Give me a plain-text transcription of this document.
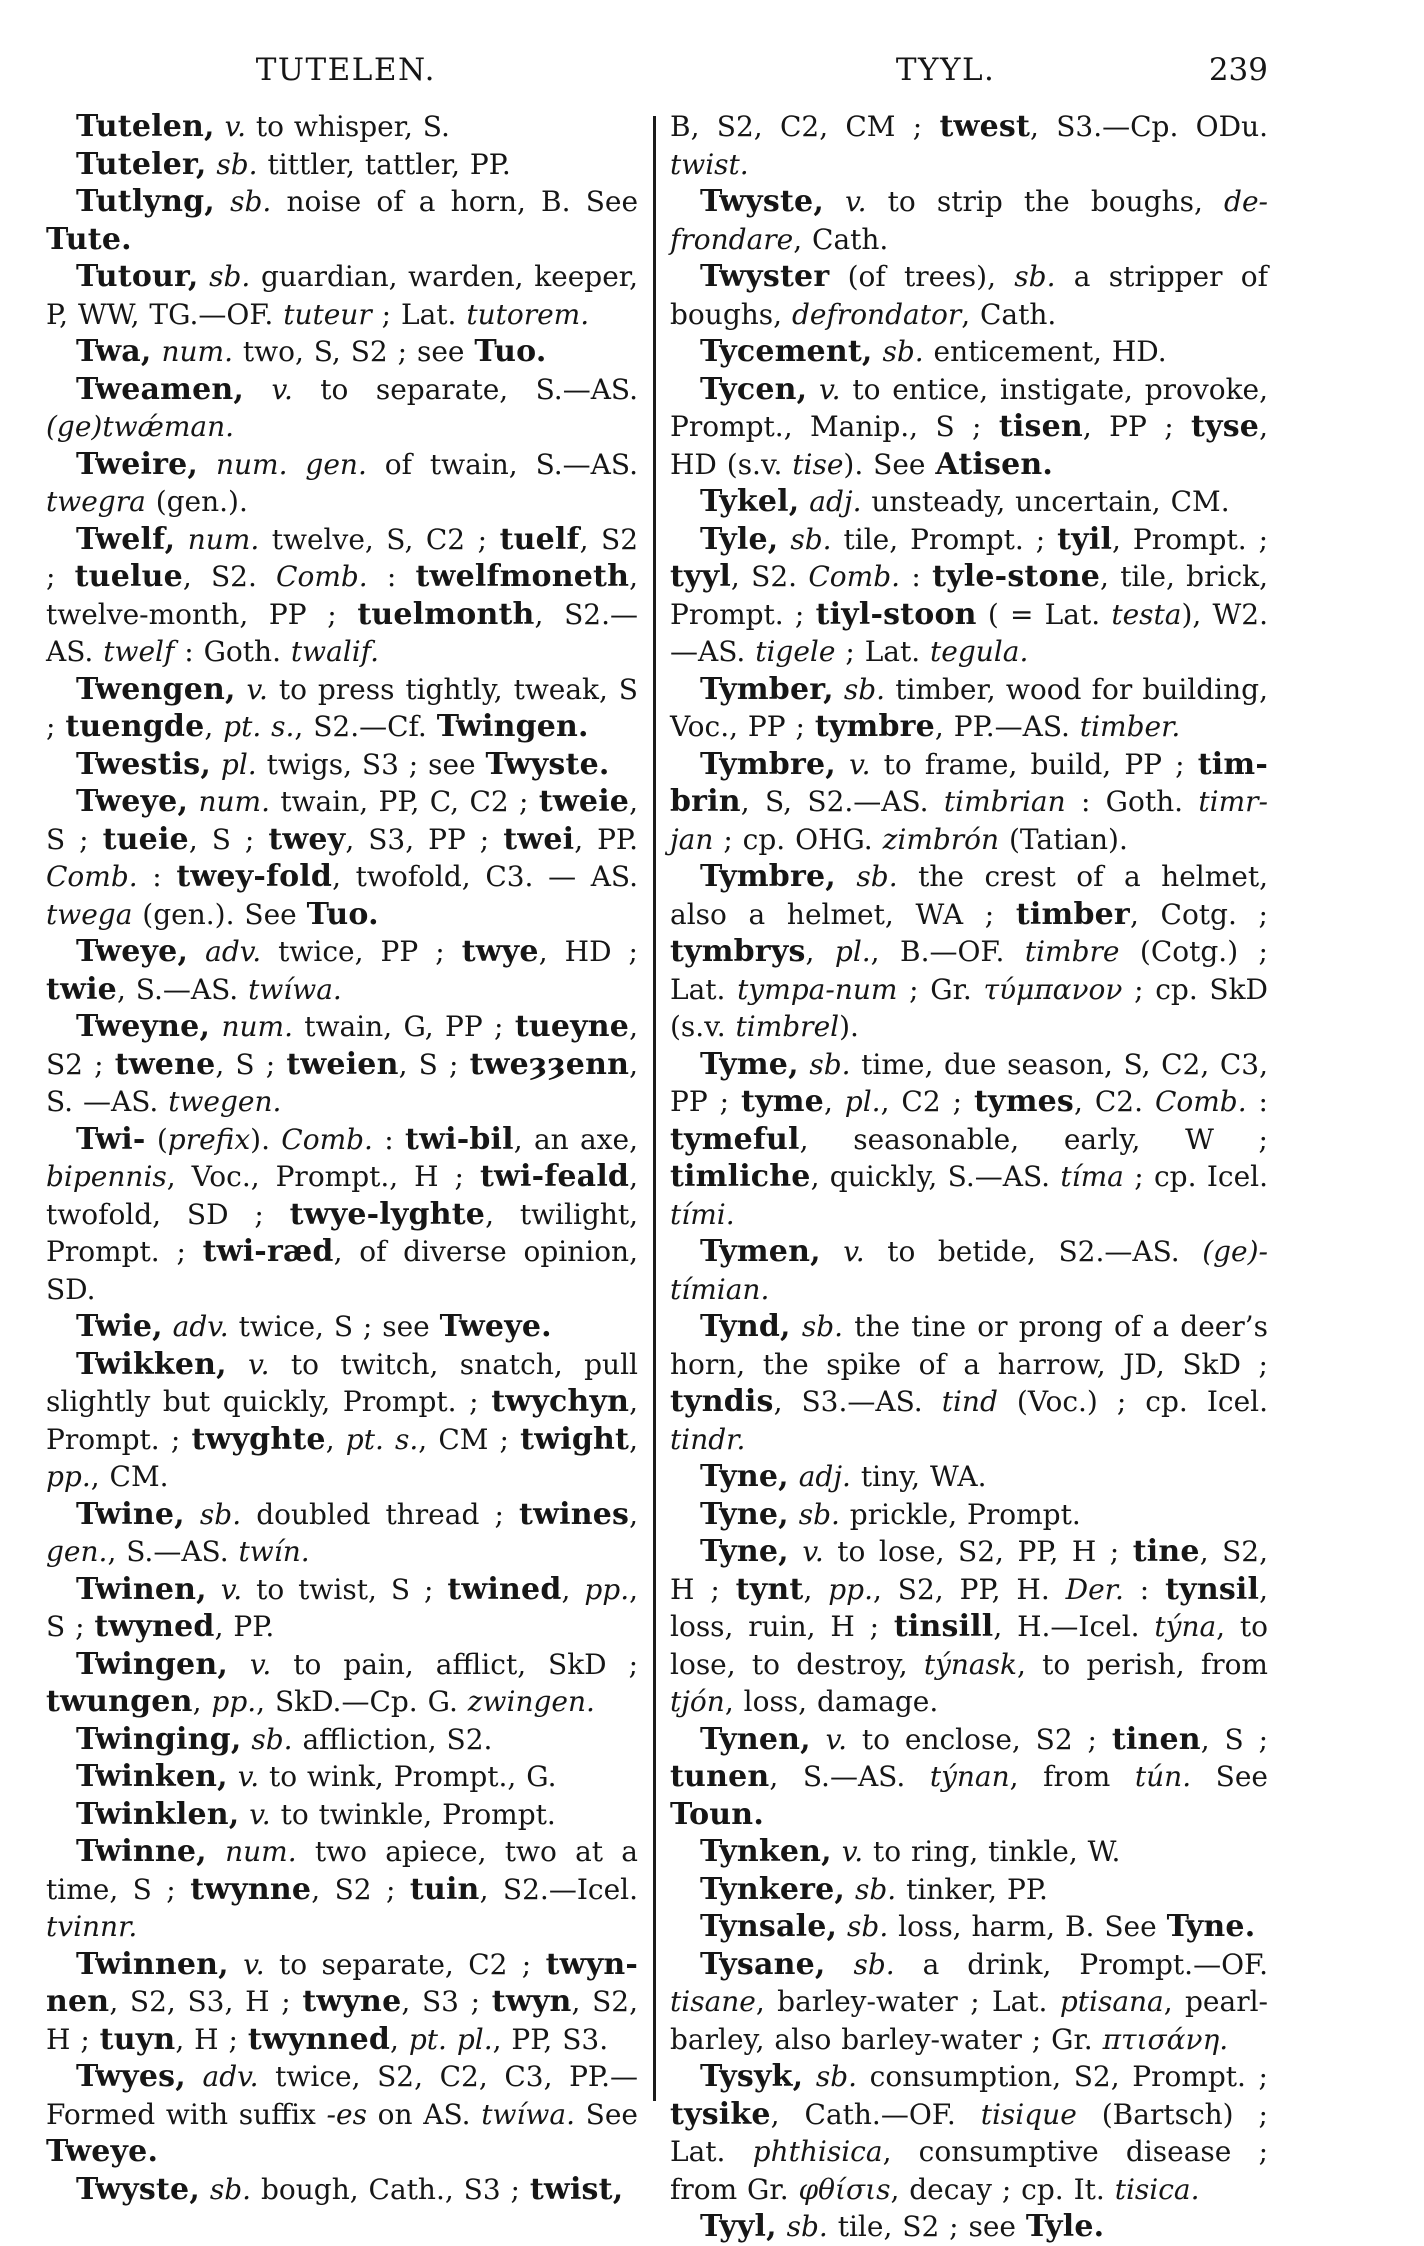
TUTELEN.	TYYL.	239

Tutelen, v. to whisper, S.

Tuteler, sb. tittler, tattler, PP.

Tutlyng, sb. noise of a horn, B. See Tute.

Tutour, sb. guardian, warden, keeper, P, WW, TG.—OF. tuteur ; Lat. tutorem.

Twa, num. two, S, S2 ; see Tuo.

Tweamen, v. to separate, S.—AS. (ge)twǽman.

Tweire, num. gen. of twain, S.—AS. twegra (gen.).

Twelf, num. twelve, S, C2 ; tuelf, S2 ; tuelue, S2. Comb. : twelfmoneth, twelve-month, PP ; tuelmonth, S2.—AS. twelf : Goth. twalif.

Twengen, v. to press tightly, tweak, S ; tuengde, pt. s., S2.—Cf. Twingen.

Twestis, pl. twigs, S3 ; see Twyste.

Tweye, num. twain, PP, C, C2 ; tweie, S ; tueie, S ; twey, S3, PP ; twei, PP. Comb. : twey-fold, twofold, C3. — AS. twega (gen.). See Tuo.

Tweye, adv. twice, PP ; twye, HD ; twie, S.—AS. twíwa.

Tweyne, num. twain, G, PP ; tueyne, S2 ; twene, S ; tweien, S ; tweȝȝenn, S. —AS. twegen.

Twi- (prefix). Comb. : twi-bil, an axe, bipennis, Voc., Prompt., H ; twi-feald, twofold, SD ; twye-lyghte, twilight, Prompt. ; twi-ræd, of diverse opinion, SD.

Twie, adv. twice, S ; see Tweye.

Twikken, v. to twitch, snatch, pull slightly but quickly, Prompt. ; twychyn, Prompt. ; twyghte, pt. s., CM ; twight, pp., CM.

Twine, sb. doubled thread ; twines, gen., S.—AS. twín.

Twinen, v. to twist, S ; twined, pp., S ; twyned, PP.

Twingen, v. to pain, afflict, SkD ; twungen, pp., SkD.—Cp. G. zwingen.

Twinging, sb. affliction, S2.

Twinken, v. to wink, Prompt., G.

Twinklen, v. to twinkle, Prompt.

Twinne, num. two apiece, two at a time, S ; twynne, S2 ; tuin, S2.—Icel. tvinnr.

Twinnen, v. to separate, C2 ; twyn-nen, S2, S3, H ; twyne, S3 ; twyn, S2, H ; tuyn, H ; twynned, pt. pl., PP, S3.

Twyes, adv. twice, S2, C2, C3, PP.—Formed with suffix -es on AS. twíwa. See Tweye.

Twyste, sb. bough, Cath., S3 ; twist,

B, S2, C2, CM ; twest, S3.—Cp. ODu. twist.

Twyste, v. to strip the boughs, de-frondare, Cath.

Twyster (of trees), sb. a stripper of boughs, defrondator, Cath.

Tycement, sb. enticement, HD.

Tycen, v. to entice, instigate, provoke, Prompt., Manip., S ; tisen, PP ; tyse, HD (s.v. tise). See Atisen.

Tykel, adj. unsteady, uncertain, CM.

Tyle, sb. tile, Prompt. ; tyil, Prompt. ; tyyl, S2. Comb. : tyle-stone, tile, brick, Prompt. ; tiyl-stoon ( = Lat. testa), W2.—AS. tigele ; Lat. tegula.

Tymber, sb. timber, wood for building, Voc., PP ; tymbre, PP.—AS. timber.

Tymbre, v. to frame, build, PP ; tim-brin, S, S2.—AS. timbrian : Goth. timr-jan ; cp. OHG. zimbrón (Tatian).

Tymbre, sb. the crest of a helmet, also a helmet, WA ; timber, Cotg. ; tymbrys, pl., B.—OF. timbre (Cotg.) ; Lat. tympa-num ; Gr. τύμπανον ; cp. SkD (s.v. timbrel).

Tyme, sb. time, due season, S, C2, C3, PP ; tyme, pl., C2 ; tymes, C2. Comb. : tymeful, seasonable, early, W ; timliche, quickly, S.—AS. tíma ; cp. Icel. tími.

Tymen, v. to betide, S2.—AS. (ge)-tímian.

Tynd, sb. the tine or prong of a deer’s horn, the spike of a harrow, JD, SkD ; tyndis, S3.—AS. tind (Voc.) ; cp. Icel. tindr.

Tyne, adj. tiny, WA.

Tyne, sb. prickle, Prompt.

Tyne, v. to lose, S2, PP, H ; tine, S2, H ; tynt, pp., S2, PP, H. Der. : tynsil, loss, ruin, H ; tinsill, H.—Icel. týna, to lose, to destroy, týnask, to perish, from tjón, loss, damage.

Tynen, v. to enclose, S2 ; tinen, S ; tunen, S.—AS. týnan, from tún. See Toun.

Tynken, v. to ring, tinkle, W.

Tynkere, sb. tinker, PP.

Tynsale, sb. loss, harm, B. See Tyne.

Tysane, sb. a drink, Prompt.—OF. tisane, barley-water ; Lat. ptisana, pearl-barley, also barley-water ; Gr. πτισάνη.

Tysyk, sb. consumption, S2, Prompt. ; tysike, Cath.—OF. tisique (Bartsch) ; Lat. phthisica, consumptive disease ; from Gr. φθίσιs, decay ; cp. It. tisica.

Tyyl, sb. tile, S2 ; see Tyle.
